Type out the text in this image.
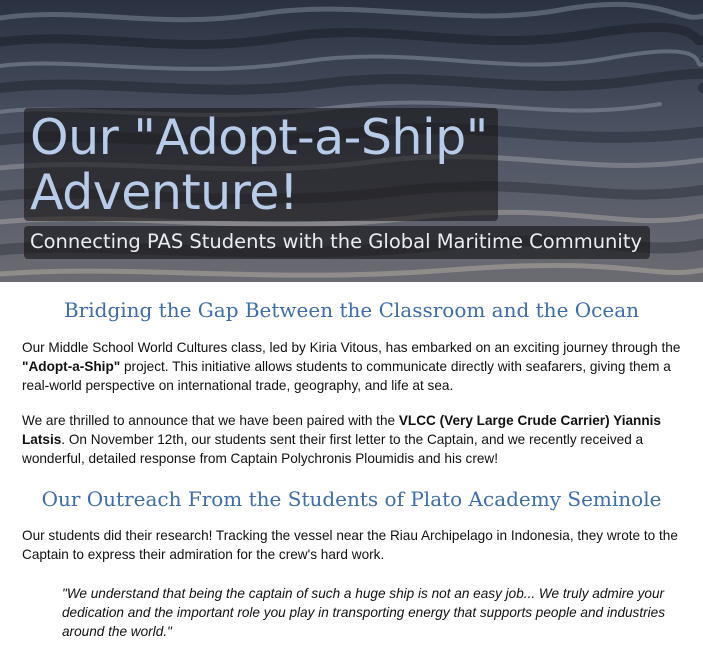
Our "Adopt-a-Ship"
Adventure!
Connecting PAS Students with the Global Maritime Community
Bridging the Gap Between the Classroom and the Ocean

Our Middle School World Cultures class, led by Kiria Vitous, has embarked on an exciting journey through the "Adopt-a-Ship" project. This initiative allows students to communicate directly with seafarers, giving them a real-world perspective on international trade, geography, and life at sea.

We are thrilled to announce that we have been paired with the VLCC (Very Large Crude Carrier) Yiannis Latsis. On November 12th, our students sent their first letter to the Captain, and we recently received a wonderful, detailed response from Captain Polychronis Ploumidis and his crew!

Our Outreach From the Students of Plato Academy Seminole

Our students did their research! Tracking the vessel near the Riau Archipelago in Indonesia, they wrote to the Captain to express their admiration for the crew's hard work.

"We understand that being the captain of such a huge ship is not an easy job... We truly admire your dedication and the important role you play in transporting energy that supports people and industries around the world."
